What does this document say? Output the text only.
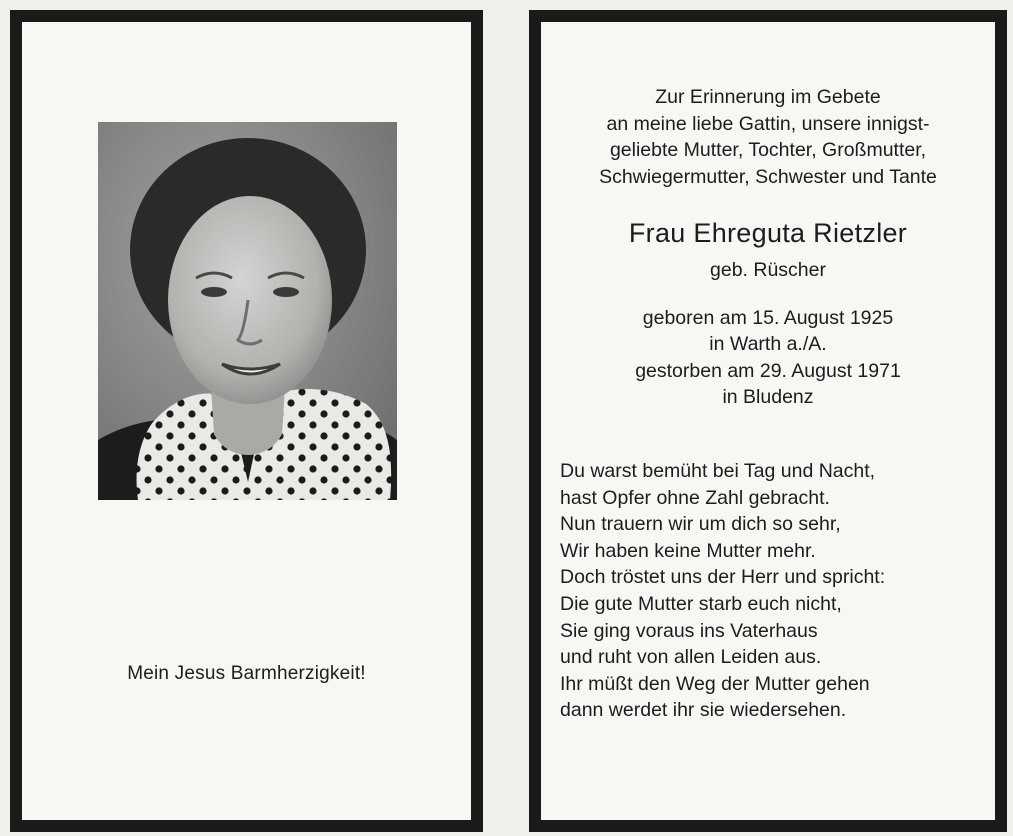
Mein Jesus Barmherzigkeit!
Zur Erinnerung im Gebete
an meine liebe Gattin, unsere innigst-
geliebte Mutter, Tochter, Großmutter,
Schwiegermutter, Schwester und Tante
Frau Ehreguta Rietzler
geb. Rüscher
geboren am 15. August 1925
in Warth a./A.
gestorben am 29. August 1971
in Bludenz
Du warst bemüht bei Tag und Nacht,
hast Opfer ohne Zahl gebracht.
Nun trauern wir um dich so sehr,
Wir haben keine Mutter mehr.
Doch tröstet uns der Herr und spricht:
Die gute Mutter starb euch nicht,
Sie ging voraus ins Vaterhaus
und ruht von allen Leiden aus.
Ihr müßt den Weg der Mutter gehen
dann werdet ihr sie wiedersehen.
